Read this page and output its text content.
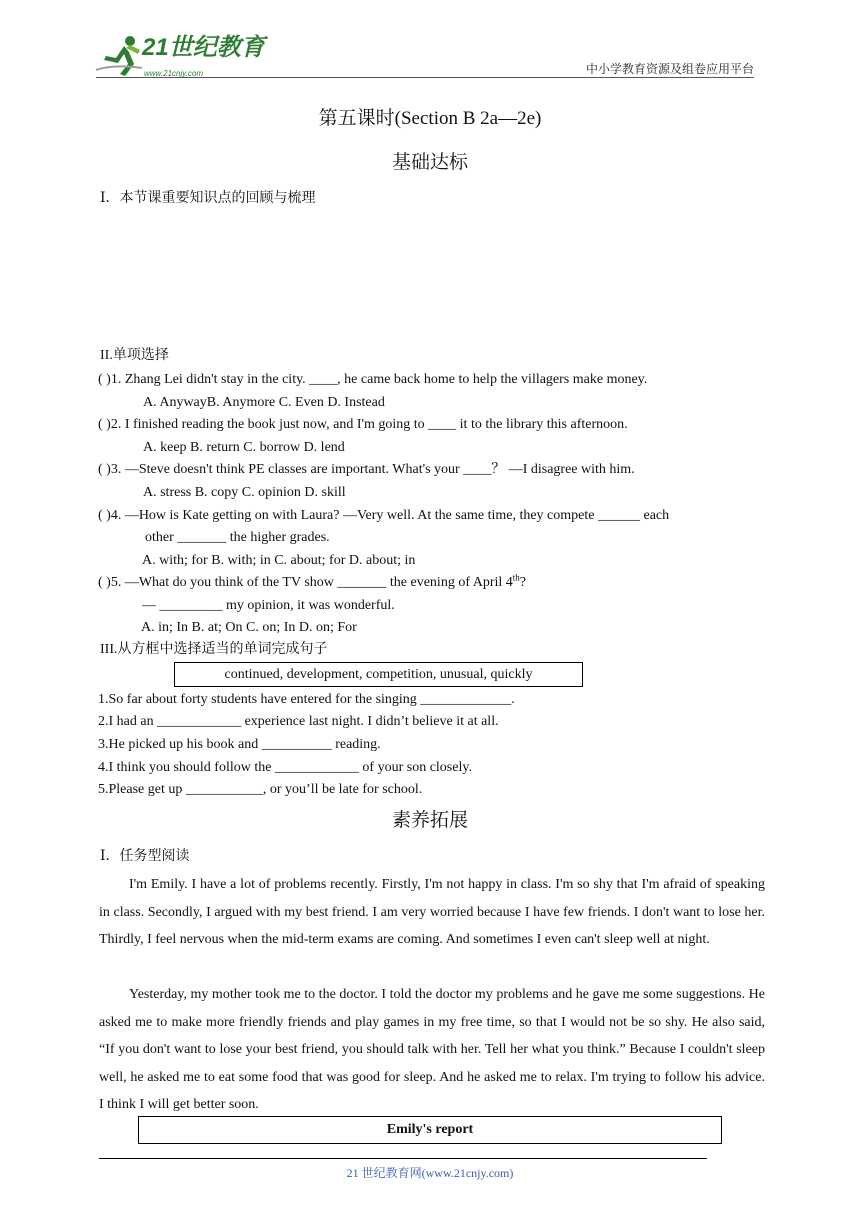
21世纪教育
www.21cnjy.com	中小学教育资源及组卷应用平台
第五课时(Section B 2a—2e)
基础达标
Ⅰ．本节课重要知识点的回顾与梳理
II.单项选择
( )1. Zhang Lei didn't stay in the city. ____, he came back home to help the villagers make money.
A. AnywayB. Anymore C. Even D. Instead
( )2. I finished reading the book just now, and I'm going to ____ it to the library this afternoon.
A. keep B. return C. borrow D. lend
( )3. —Steve doesn't think PE classes are important. What's your ____？ —I disagree with him.
A. stress B. copy C. opinion D. skill
( )4. —How is Kate getting on with Laura? —Very well. At the same time, they compete ______ each
other _______ the higher grades.
A. with; for B. with; in C. about; for D. about; in
( )5. —What do you think of the TV show _______ the evening of April 4th?
— _________ my opinion, it was wonderful.
A. in; In B. at; On C. on; In D. on; For
III.从方框中选择适当的单词完成句子
continued, development, competition, unusual, quickly
1.So far about forty students have entered for the singing _____________.
2.I had an ____________ experience last night. I didn’t believe it at all.
3.He picked up his book and __________ reading.
4.I think you should follow the ____________ of your son closely.
5.Please get up ___________, or you’ll be late for school.
素养拓展
Ⅰ．任务型阅读
I'm Emily. I have a lot of problems recently. Firstly, I'm not happy in class. I'm so shy that I'm afraid of speaking in class. Secondly, I argued with my best friend. I am very worried because I have few friends. I don't want to lose her. Thirdly, I feel nervous when the mid-term exams are coming. And sometimes I even can't sleep well at night.
Yesterday, my mother took me to the doctor. I told the doctor my problems and he gave me some suggestions. He asked me to make more friendly friends and play games in my free time, so that I would not be so shy. He also said, “If you don't want to lose your best friend, you should talk with her. Tell her what you think.” Because I couldn't sleep well, he asked me to eat some food that was good for sleep. And he asked me to relax. I'm trying to follow his advice. I think I will get better soon.
Emily's report
21 世纪教育网(www.21cnjy.com)
